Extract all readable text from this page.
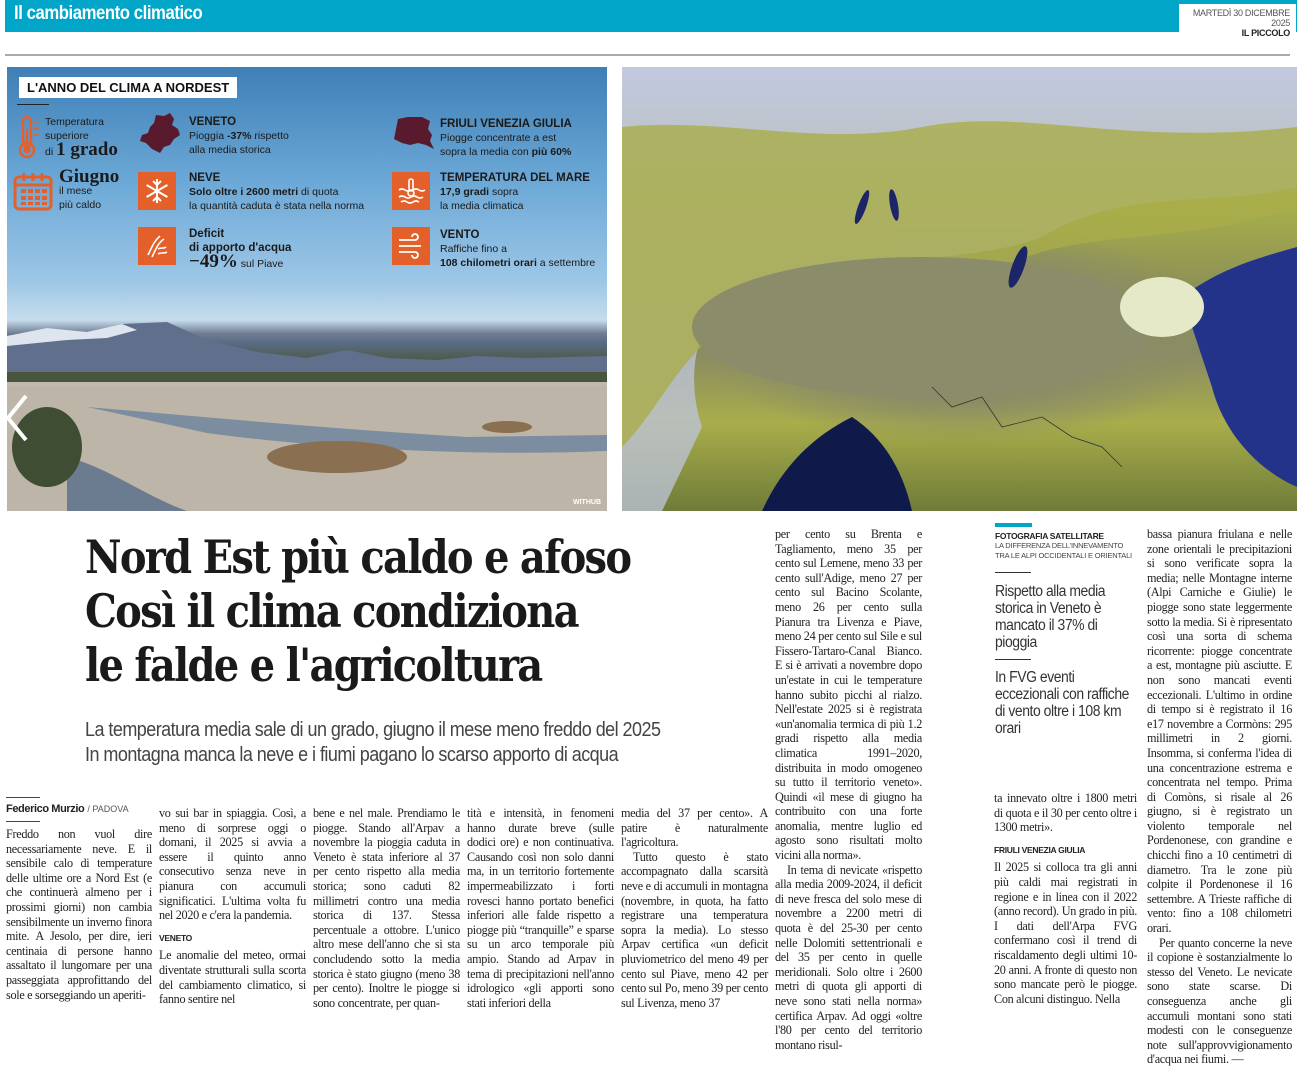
Il cambiamento climatico	MARTEDÌ 30 DICEMBRE 2025
IL PICCOLO
L'ANNO DEL CLIMA A NORDEST
Temperatura
superiore
di 1 grado
Giugno
il mese
più caldo
VENETO
Pioggia -37% rispetto
alla media storica
NEVE
Solo oltre i 2600 metri di quota
la quantità caduta è stata nella norma
Deficit
di apporto d'acqua
−49% sul Piave
FRIULI VENEZIA GIULIA
Piogge concentrate a est
sopra la media con più 60%
TEMPERATURA DEL MARE
17,9 gradi sopra
la media climatica
VENTO
Raffiche fino a
108 chilometri orari a settembre
WITHUB
Nord Est più caldo e afoso
Così il clima condiziona
le falde e l'agricoltura
La temperatura media sale di un grado, giugno il mese meno freddo del 2025
In montagna manca la neve e i fiumi pagano lo scarso apporto di acqua
Federico Murzio / PADOVA

Freddo non vuol dire necessariamente neve. E il sensibile calo di temperature delle ultime ore a Nord Est (e che continuerà almeno per i prossimi giorni) non cambia sensibilmente un inverno finora mite. A Jesolo, per dire, ieri centinaia di persone hanno assaltato il lungomare per una passeggiata approfittando del sole e sorseggiando un aperiti-

vo sui bar in spiaggia. Così, a meno di sorprese oggi o domani, il 2025 si avvia a essere il quinto anno consecutivo senza neve in pianura con accumuli significatici. L'ultima volta fu nel 2020 e c'era la pandemia.

VENETO

Le anomalie del meteo, ormai diventate strutturali sulla scorta del cambiamento climatico, si fanno sentire nel

bene e nel male. Prendiamo le piogge. Stando all'Arpav a novembre la pioggia caduta in Veneto è stata inferiore al 37 per cento rispetto alla media storica; sono caduti 82 millimetri contro una media storica di 137. Stessa percentuale a ottobre. L'unico altro mese dell'anno che si sta concludendo sotto la media storica è stato giugno (meno 38 per cento). Inoltre le piogge si sono concentrate, per quan-

tità e intensità, in fenomeni hanno durate breve (sulle dodici ore) e non continuativa. Causando così non solo danni ma, in un territorio fortemente impermeabilizzato i forti rovesci hanno portato benefici inferiori alle falde rispetto a piogge più “tranquille” e sparse su un arco temporale più ampio. Stando ad Arpav in tema di precipitazioni nell'anno idrologico «gli apporti sono stati inferiori della

media del 37 per cento». A patire è naturalmente l'agricoltura.

Tutto questo è stato accompagnato dalla scarsità neve e di accumuli in montagna (novembre, in quota, ha fatto registrare una temperatura sopra la media). Lo stesso Arpav certifica «un deficit pluviometrico del meno 49 per cento sul Piave, meno 42 per cento sul Po, meno 39 per cento sul Livenza, meno 37

per cento su Brenta e Tagliamento, meno 35 per cento sul Lemene, meno 33 per cento sull'Adige, meno 27 per cento sul Bacino Scolante, meno 26 per cento sulla Pianura tra Livenza e Piave, meno 24 per cento sul Sile e sul Fissero-Tartaro-Canal Bianco. E si è arrivati a novembre dopo un'estate in cui le temperature hanno subito picchi al rialzo. Nell'estate 2025 si è registrata «un'anomalia termica di più 1.2 gradi rispetto alla media climatica 1991–2020, distribuita in modo omogeneo su tutto il territorio veneto». Quindi «il mese di giugno ha contribuito con una forte anomalia, mentre luglio ed agosto sono risultati molto vicini alla norma».

In tema di nevicate «rispetto alla media 2009-2024, il deficit di neve fresca del solo mese di novembre a 2200 metri di quota è del 25-30 per cento nelle Dolomiti settentrionali e del 35 per cento in quelle meridionali. Solo oltre i 2600 metri di quota gli apporti di neve sono stati nella norma» certifica Arpav. Ad oggi «oltre l'80 per cento del territorio montano risul-

ta innevato oltre i 1800 metri di quota e il 30 per cento oltre i 1300 metri».

FRIULI VENEZIA GIULIA

Il 2025 si colloca tra gli anni più caldi mai registrati in regione e in linea con il 2022 (anno record). Un grado in più. I dati dell'Arpa FVG confermano così il trend di riscaldamento degli ultimi 10-20 anni. A fronte di questo non sono mancate però le piogge. Con alcuni distinguo. Nella

bassa pianura friulana e nelle zone orientali le precipitazioni si sono verificate sopra la media; nelle Montagne interne (Alpi Carniche e Giulie) le piogge sono state leggermente sotto la media. Si è ripresentato così una sorta di schema ricorrente: piogge concentrate a est, montagne più asciutte. E non sono mancati eventi eccezionali. L'ultimo in ordine di tempo si è registrato il 16 e17 novembre a Cormòns: 295 millimetri in 2 giorni. Insomma, si conferma l'idea di una concentrazione estrema e concentrata nel tempo. Prima di Comòns, si risale al 26 giugno, si è registrato un violento temporale nel Pordenonese, con grandine e chicchi fino a 10 centimetri di diametro. Tra le zone più colpite il Pordenonese il 16 settembre. A Trieste raffiche di vento: fino a 108 chilometri orari.

Per quanto concerne la neve il copione è sostanzialmente lo stesso del Veneto. Le nevicate sono state scarse. Di conseguenza anche gli accumuli montani sono stati modesti con le conseguenze note sull'approvvigionamento d'acqua nei fiumi. —

FOTOGRAFIA SATELLITARE
LA DIFFERENZA DELL'INNEVAMENTO TRA LE ALPI OCCIDENTALI E ORIENTALI
Rispetto alla media storica in Veneto è mancato il 37% di pioggia
In FVG eventi eccezionali con raffiche di vento oltre i 108 km orari
